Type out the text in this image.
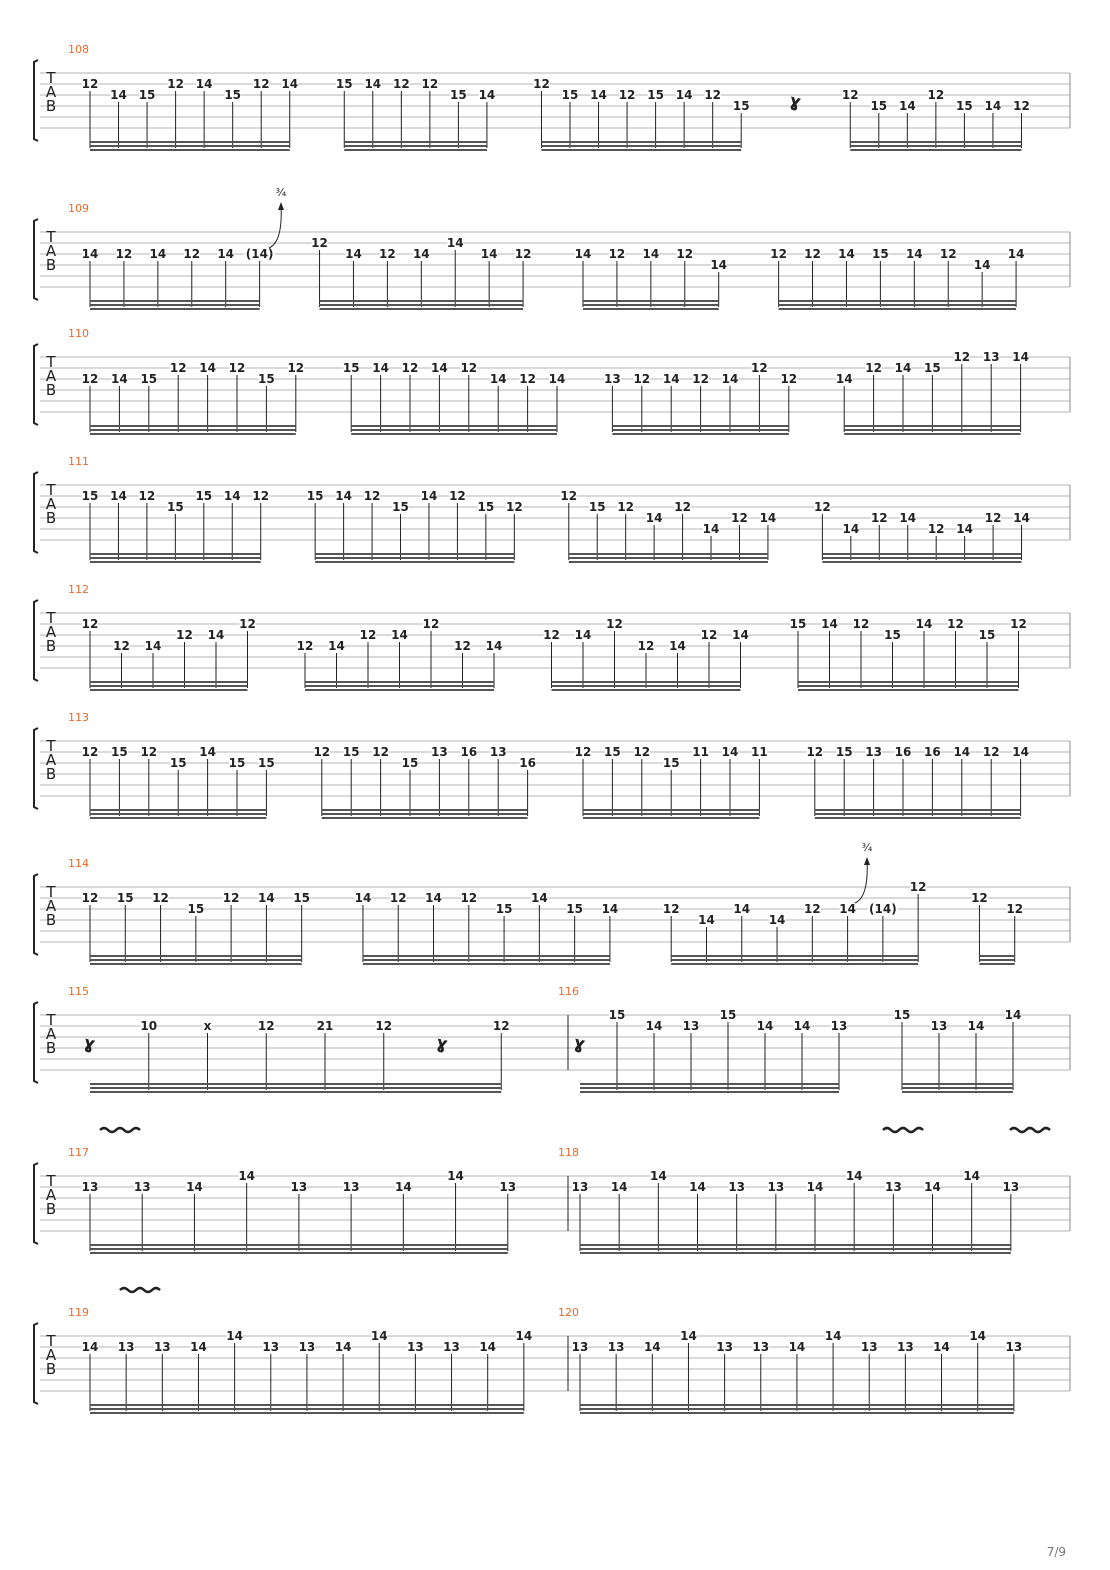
T
A
B
108
12
14 15
12 14
15
12 14	15 14 12 12
15 14
12
15 14 12 15 14 12
15 ɣ	12
15 14
12
15 14 12
T
A
B
109
14 12 14 12 14 (14)
12
14 12 14
14
14 12	14 12 14 12
14
12 12 14 15 14 12
14
14
T
A
B
110
12 14 15
12 14 12
15
12	15 14 12 14 12
14 12 14	13 12 14 12 14
12
12	14
12 14 15
12 13 14
T
A
B
111
15 14 12
15
15 14 12	15 14 12
15
14 12
15 12
12
15 12
14
12
14
12 14
12
14
12 14
12 14
12 14
T
A
B
112
12
12 14
12 14
12
12 14
12 14
12
12 14
12 14
12
12 14
12 14
15 14 12
15
14 12
15
12
T
A
B
113
12 15 12
15
14
15 15
12 15 12
15
13 16 13
16
12 15 12
15
11 14 11	12 15 13 16 16 14 12 14
T
A
B
114
12 15 12
15
12 14 15	14 12 14 12
15
14
15 14	12
14
14
14
12 14 (14)
12
12
12
T
A
B
115
ɣ
10	x	12	21	12
ɣ
12
116
ɣ
15
14 13
15
14 14 13
15
13 14
14
T
A
B
117
13	13	14
14
13	13	14
14
13
118
13 14
14
14 13 13 14
14
13 14
14
13
T
A
B
119
14 13 13 14
14
13 13 14
14
13 13 14
14
120
13 13 14
14
13 13 14
14
13 13 14
14
13
¾
¾
7/9
